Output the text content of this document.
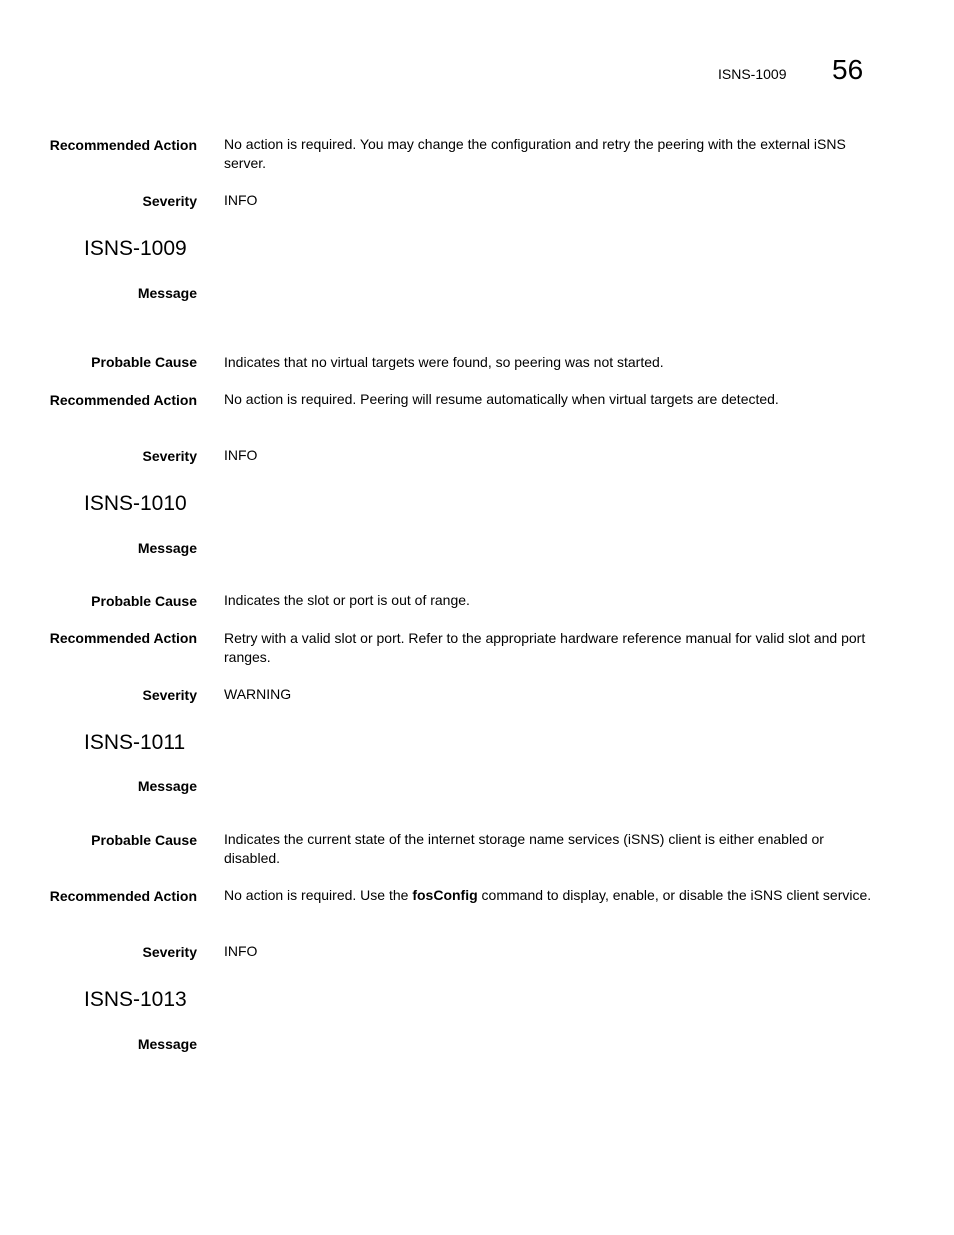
ISNS-1009 56
Recommended Action No action is required. You may change the configuration and retry the peering with the external iSNS server.
Severity INFO
ISNS-1009
Message
Probable Cause Indicates that no virtual targets were found, so peering was not started.
Recommended Action No action is required. Peering will resume automatically when virtual targets are detected.
Severity INFO
ISNS-1010
Message
Probable Cause Indicates the slot or port is out of range.
Recommended Action Retry with a valid slot or port. Refer to the appropriate hardware reference manual for valid slot and port ranges.
Severity WARNING
ISNS-1011
Message
Probable Cause Indicates the current state of the internet storage name services (iSNS) client is either enabled or disabled.
Recommended Action No action is required. Use the fosConfig command to display, enable, or disable the iSNS client service.
Severity INFO
ISNS-1013
Message
